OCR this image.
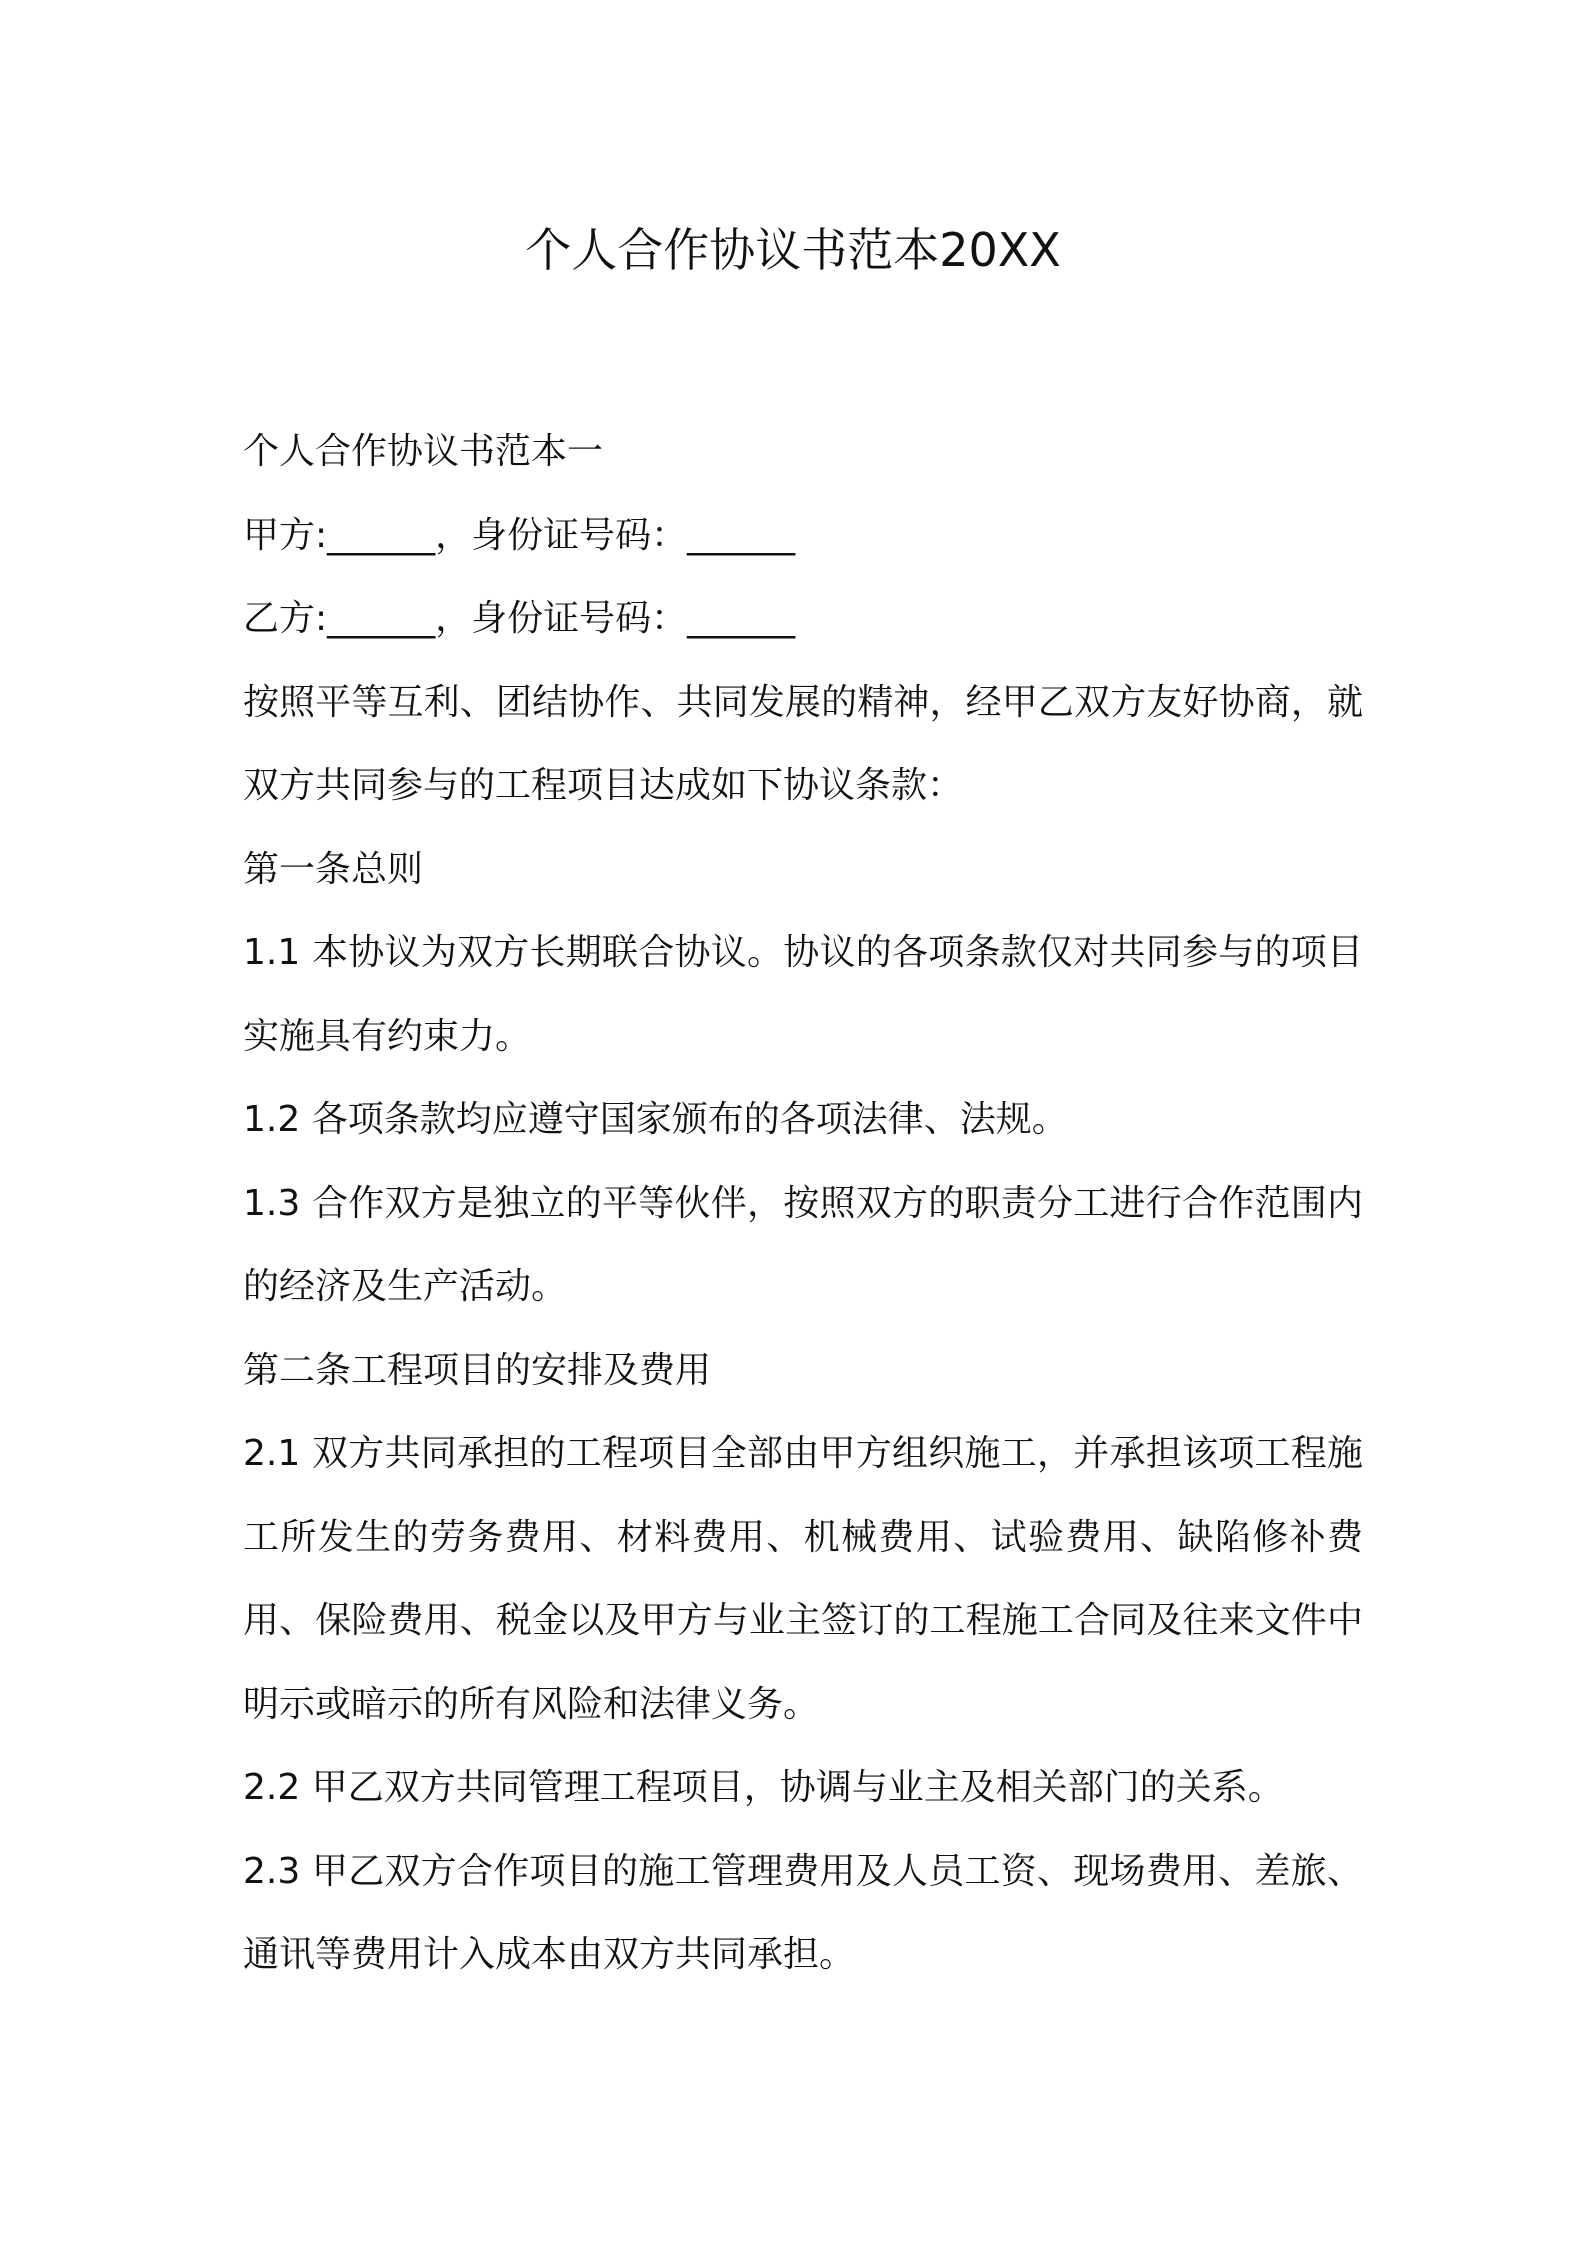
个人合作协议书范本20XX

个人合作协议书范本一

甲方:______，身份证号码：______

乙方:______，身份证号码：______

按照平等互利、团结协作、共同发展的精神，经甲乙双方友好协商，就双方共同参与的工程项目达成如下协议条款：

第一条总则

1.1 本协议为双方长期联合协议。协议的各项条款仅对共同参与的项目实施具有约束力。

1.2 各项条款均应遵守国家颁布的各项法律、法规。

1.3 合作双方是独立的平等伙伴，按照双方的职责分工进行合作范围内的经济及生产活动。

第二条工程项目的安排及费用

2.1 双方共同承担的工程项目全部由甲方组织施工，并承担该项工程施工所发生的劳务费用、材料费用、机械费用、试验费用、缺陷修补费用、保险费用、税金以及甲方与业主签订的工程施工合同及往来文件中明示或暗示的所有风险和法律义务。

2.2 甲乙双方共同管理工程项目，协调与业主及相关部门的关系。

2.3 甲乙双方合作项目的施工管理费用及人员工资、现场费用、差旅、通讯等费用计入成本由双方共同承担。
